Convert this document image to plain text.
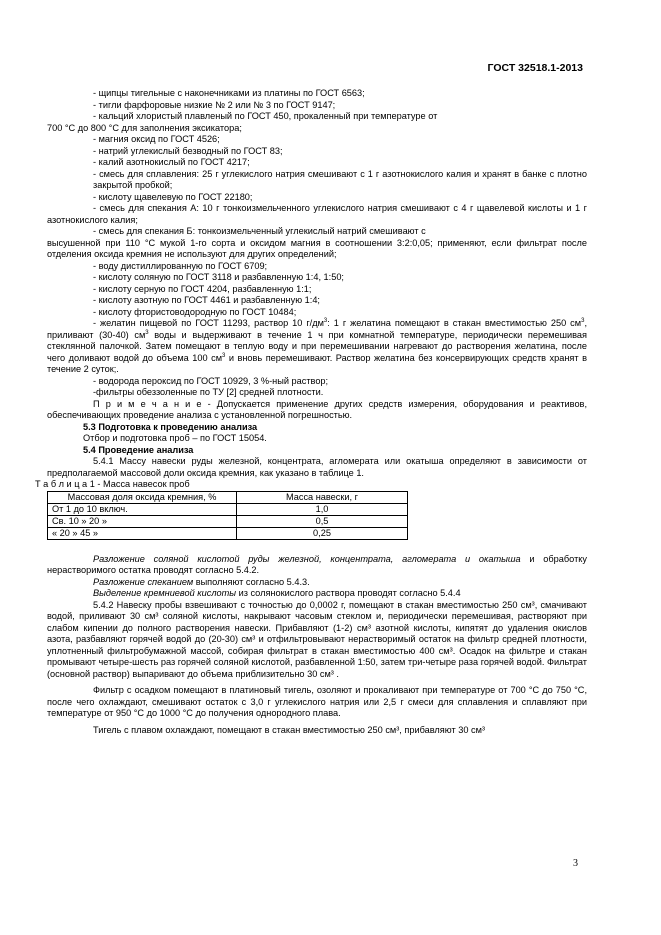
ГОСТ 32518.1-2013
- щипцы тигельные с наконечниками из платины по ГОСТ 6563;
- тигли фарфоровые низкие № 2 или № 3 по ГОСТ 9147;
- кальций хлористый плавленый по ГОСТ 450, прокаленный при температуре от
700 °С до 800 °С для заполнения эксикатора;
- магния оксид по ГОСТ 4526;
- натрий углекислый безводный по ГОСТ 83;
- калий азотнокислый по ГОСТ 4217;
- смесь для сплавления: 25 г углекислого натрия смешивают с 1 г азотнокислого калия и хранят в банке с плотно закрытой пробкой;
- кислоту щавелевую по ГОСТ 22180;
- смесь для спекания А: 10 г тонкоизмельченного углекислого натрия смешивают с 4 г щавелевой кислоты и 1 г азотнокислого калия;
- смесь для спекания Б: тонкоизмельченный углекислый натрий смешивают с
высушенной при 110 °С мукой 1-го сорта и оксидом магния в соотношении 3:2:0,05; применяют, если фильтрат после отделения оксида кремния не используют для других определений;
- воду дистиллированную по ГОСТ 6709;
- кислоту соляную по ГОСТ 3118 и разбавленную 1:4, 1:50;
- кислоту серную по ГОСТ 4204, разбавленную 1:1;
- кислоту азотную по ГОСТ 4461 и разбавленную 1:4;
- кислоту фтористоводородную по ГОСТ 10484;
- желатин пищевой по ГОСТ 11293, раствор 10 $г/дм^3$: 1 г желатина помещают в стакан вместимостью 250 $см^3$, приливают (30-40) $см^3$ воды и выдерживают в течение 1 ч при комнатной температуре, периодически перемешивая стеклянной палочкой. Затем помещают в теплую воду и при перемешивании нагревают до растворения желатина, после чего доливают водой до объема 100 $см^3$ и вновь перемешивают. Раствор желатина без консервирующих средств хранят в течение 2 суток;.
- водорода пероксид по ГОСТ 10929, 3 %-ный раствор;
-фильтры обеззоленные по ТУ [2] средней плотности.
П р и м е ч а н и е - Допускается применение других средств измерения, оборудования и реактивов, обеспечивающих проведение анализа с установленной погрешностью.
5.3 Подготовка к проведению анализа
Отбор и подготовка проб – по ГОСТ 15054.
5.4 Проведение анализа
5.4.1 Массу навески руды железной, концентрата, агломерата или окатыша определяют в зависимости от предполагаемой массовой доли оксида кремния, как указано в таблице 1.
Т а б л и ц а 1 - Масса навесок проб
Массовая доля оксида кремния, %	Масса навески, г
От 1 до 10 включ.	1,0
Св. 10 » 20 »	0,5
« 20 » 45 »	0,25
Разложение соляной кислотой руды железной, концентрата, агломерата и окатыша и обработку нерастворимого остатка проводят согласно 5.4.2.
Разложение спеканием выполняют согласно 5.4.3.
Выделение кремниевой кислоты из солянокислого раствора проводят согласно 5.4.4
5.4.2 Навеску пробы взвешивают с точностью до 0,0002 г, помещают в стакан вместимостью 250 см³, смачивают водой, приливают 30 см³ соляной кислоты, накрывают часовым стеклом и, периодически перемешивая, растворяют при слабом кипении до полного растворения навески. Прибавляют (1-2) см³ азотной кислоты, кипятят до удаления окислов азота, разбавляют горячей водой до (20-30) см³ и отфильтровывают нерастворимый остаток на фильтр средней плотности, уплотненный фильтробумажной массой, собирая фильтрат в стакан вместимостью 400 см³. Осадок на фильтре и стакан промывают четыре-шесть раз горячей соляной кислотой, разбавленной 1:50, затем три-четыре раза горячей водой. Фильтрат (основной раствор) выпаривают до объема приблизительно 30 см³ .
Фильтр с осадком помещают в платиновый тигель, озоляют и прокаливают при температуре от 700 °С до 750 °С, после чего охлаждают, смешивают остаток с 3,0 г углекислого натрия или 2,5 г смеси для сплавления и сплавляют при температуре от 950 °С до 1000 °С до получения однородного плава.
Тигель с плавом охлаждают, помещают в стакан вместимостью 250 см³, прибавляют 30 см³
3
